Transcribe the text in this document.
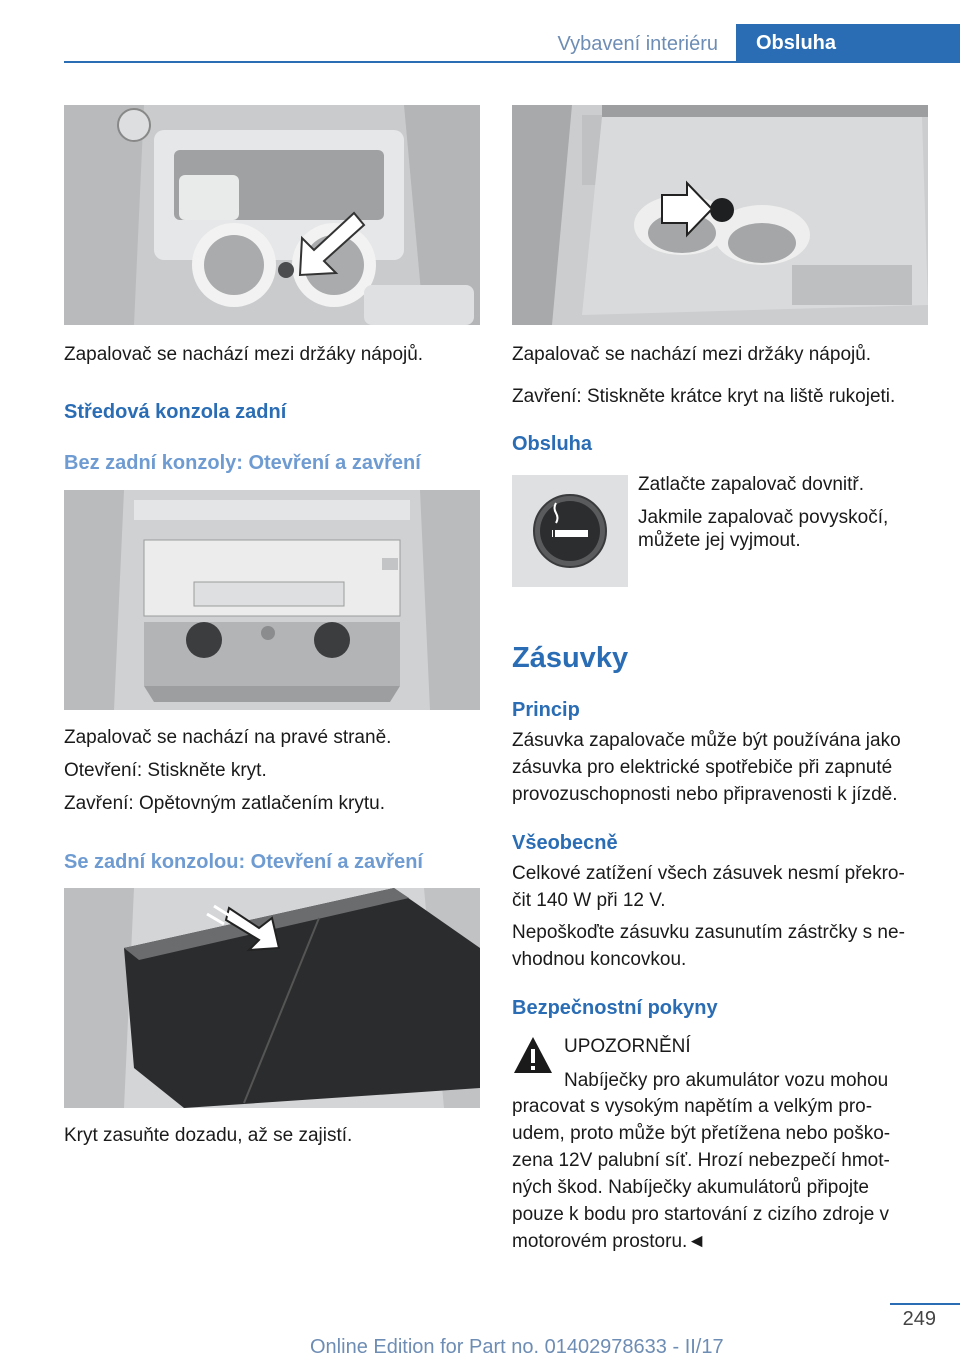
Vybavení interiéru	Obsluha
Zapalovač se nachází mezi držáky nápojů.
Středová konzola zadní
Bez zadní konzoly: Otevření a zavření
Zapalovač se nachází na pravé straně.
Otevření: Stiskněte kryt.
Zavření: Opětovným zatlačením krytu.
Se zadní konzolou: Otevření a zavření
Kryt zasuňte dozadu, až se zajistí.
Zapalovač se nachází mezi držáky nápojů.
Zavření: Stiskněte krátce kryt na liště rukojeti.
Obsluha
Zatlačte zapalovač dovnitř.
Jakmile zapalovač povyskočí,
můžete jej vyjmout.
Zásuvky
Princip
Zásuvka zapalovače může být používána jako
zásuvka pro elektrické spotřebiče při zapnuté
provozuschopnosti nebo připravenosti k jízdě.
Všeobecně
Celkové zatížení všech zásuvek nesmí překro‐
čit 140 W při 12 V.
Nepoškoďte zásuvku zasunutím zástrčky s ne‐
vhodnou koncovkou.
Bezpečnostní pokyny
UPOZORNĚNÍ
Nabíječky pro akumulátor vozu mohou
pracovat s vysokým napětím a velkým pro‐
udem, proto může být přetížena nebo poško‐
zena 12V palubní síť. Hrozí nebezpečí hmot‐
ných škod. Nabíječky akumulátorů připojte
pouze k bodu pro startování z cizího zdroje v
motorovém prostoru.◄
249
Online Edition for Part no. 01402978633 - II/17
